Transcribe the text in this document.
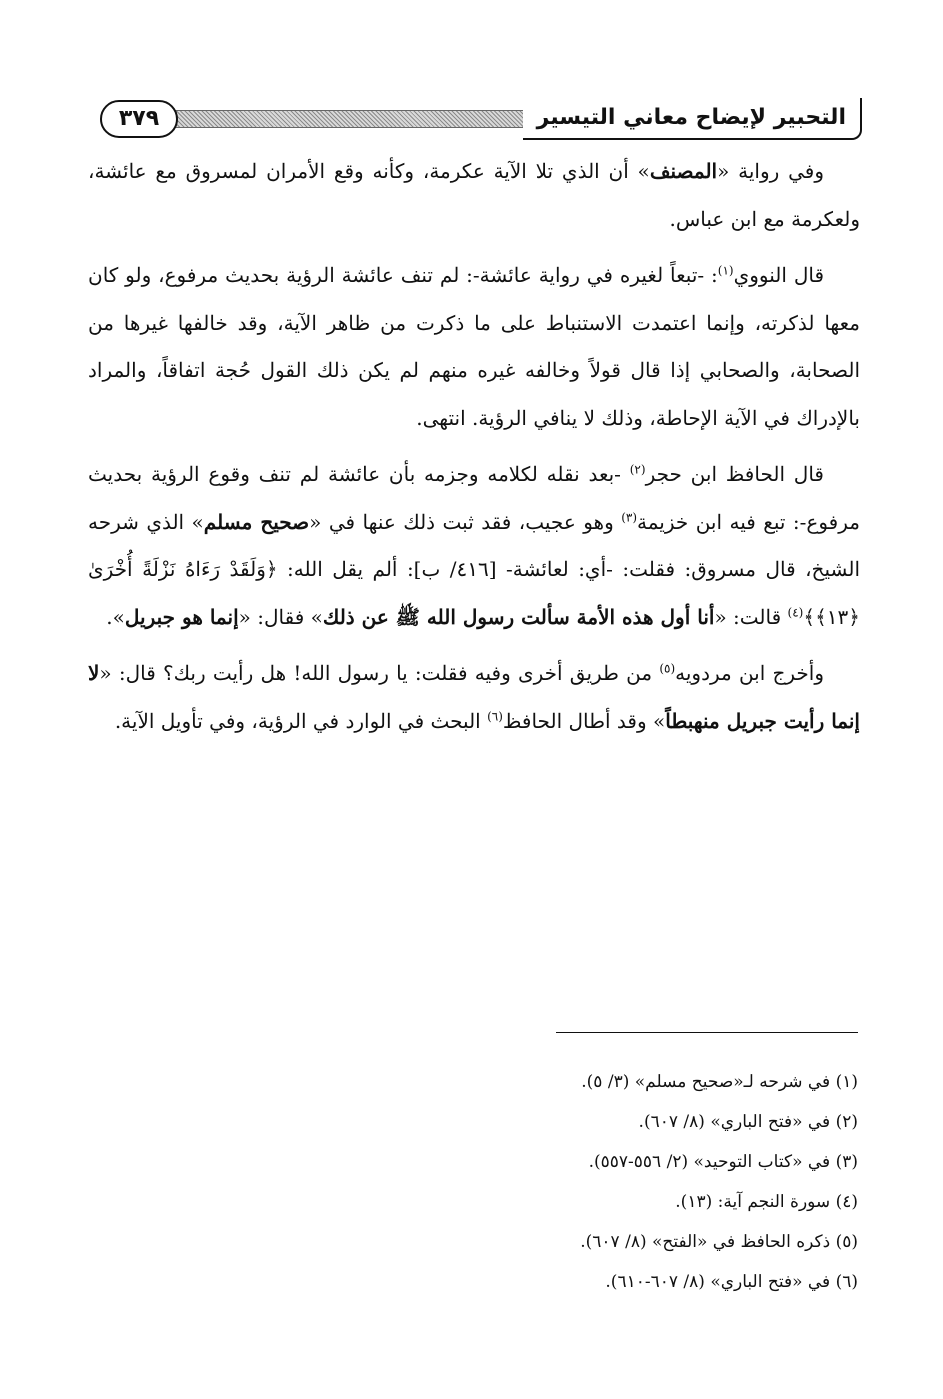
التحبير لإيضاح معاني التيسير
٣٧٩

وفي رواية «المصنف» أن الذي تلا الآية عكرمة، وكأنه وقع الأمران لمسروق مع عائشة، ولعكرمة مع ابن عباس.

قال النووي$^{(١)}$: -تبعاً لغيره في رواية عائشة-: لم تنف عائشة الرؤية بحديث مرفوع، ولو كان معها لذكرته، وإنما اعتمدت الاستنباط على ما ذكرت من ظاهر الآية، وقد خالفها غيرها من الصحابة، والصحابي إذا قال قولاً وخالفه غيره منهم لم يكن ذلك القول حُجة اتفاقاً، والمراد بالإدراك في الآية الإحاطة، وذلك لا ينافي الرؤية. انتهى.

قال الحافظ ابن حجر$^{(٢)}$ -بعد نقله لكلامه وجزمه بأن عائشة لم تنف وقوع الرؤية بحديث مرفوع-: تبع فيه ابن خزيمة$^{(٣)}$ وهو عجيب، فقد ثبت ذلك عنها في «صحيح مسلم» الذي شرحه الشيخ، قال مسروق: فقلت: -أي: لعائشة- [٤١٦/ ب]: ألم يقل الله: ﴿وَلَقَدْ رَءَاهُ نَزْلَةً أُخْرَىٰ ﴿١٣﴾﴾$^{(٤)}$ قالت: «أنا أول هذه الأمة سألت رسول الله ﷺ عن ذلك» فقال: «إنما هو جبريل».

وأخرج ابن مردويه$^{(٥)}$ من طريق أخرى وفيه فقلت: يا رسول الله! هل رأيت ربك؟ قال: «لا إنما رأيت جبريل منهبطاً» وقد أطال الحافظ$^{(٦)}$ البحث في الوارد في الرؤية، وفي تأويل الآية.

(١) في شرحه لـ«صحيح مسلم» (٣/ ٥).
(٢) في «فتح الباري» (٨/ ٦٠٧).
(٣) في «كتاب التوحيد» (٢/ ٥٥٦-٥٥٧).
(٤) سورة النجم آية: (١٣).
(٥) ذكره الحافظ في «الفتح» (٨/ ٦٠٧).
(٦) في «فتح الباري» (٨/ ٦٠٧-٦١٠).
